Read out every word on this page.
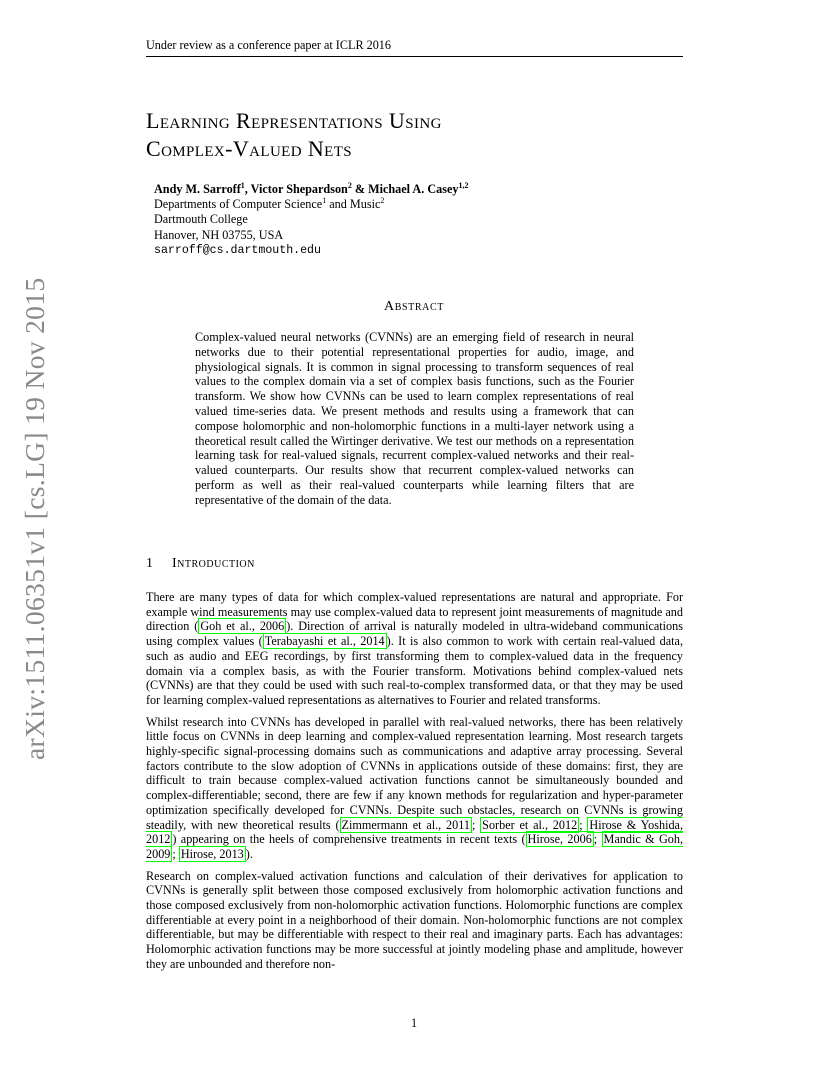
Under review as a conference paper at ICLR 2016
arXiv:1511.06351v1 [cs.LG] 19 Nov 2015
Learning Representations Using
Complex-Valued Nets
Andy M. Sarroff$^1$, Victor Shepardson$^2$ & Michael A. Casey$^{1,2}$
Departments of Computer Science$^1$ and Music$^2$
Dartmouth College
Hanover, NH 03755, USA
sarroff@cs.dartmouth.edu
Abstract
Complex-valued neural networks (CVNNs) are an emerging field of research in neural networks due to their potential representational properties for audio, image, and physiological signals. It is common in signal processing to transform sequences of real values to the complex domain via a set of complex basis functions, such as the Fourier transform. We show how CVNNs can be used to learn complex representations of real valued time-series data. We present methods and results using a framework that can compose holomorphic and non-holomorphic functions in a multi-layer network using a theoretical result called the Wirtinger derivative. We test our methods on a representation learning task for real-valued signals, recurrent complex-valued networks and their real-valued counterparts. Our results show that recurrent complex-valued networks can perform as well as their real-valued counterparts while learning filters that are representative of the domain of the data.
1 Introduction

There are many types of data for which complex-valued representations are natural and appropriate. For example wind measurements may use complex-valued data to represent joint measurements of magnitude and direction ( Goh et al., 2006 ). Direction of arrival is naturally modeled in ultra-wideband communications using complex values ( Terabayashi et al., 2014 ). It is also common to work with certain real-valued data, such as audio and EEG recordings, by first transforming them to complex-valued data in the frequency domain via a complex basis, as with the Fourier transform. Motivations behind complex-valued nets (CVNNs) are that they could be used with such real-to-complex transformed data, or that they may be used for learning complex-valued representations as alternatives to Fourier and related transforms.

Whilst research into CVNNs has developed in parallel with real-valued networks, there has been relatively little focus on CVNNs in deep learning and complex-valued representation learning. Most research targets highly-specific signal-processing domains such as communications and adaptive array processing. Several factors contribute to the slow adoption of CVNNs in applications outside of these domains: first, they are difficult to train because complex-valued activation functions cannot be simultaneously bounded and complex-differentiable; second, there are few if any known methods for regularization and hyper-parameter optimization specifically developed for CVNNs. Despite such obstacles, research on CVNNs is growing steadily, with new theoretical results ( Zimmermann et al., 2011 ; Sorber et al., 2012 ; Hirose & Yoshida, 2012 ) appearing on the heels of comprehensive treatments in recent texts ( Hirose, 2006 ; Mandic & Goh, 2009 ; Hirose, 2013 ).

Research on complex-valued activation functions and calculation of their derivatives for application to CVNNs is generally split between those composed exclusively from holomorphic activation functions and those composed exclusively from non-holomorphic activation functions. Holomorphic functions are complex differentiable at every point in a neighborhood of their domain. Non-holomorphic functions are not complex differentiable, but may be differentiable with respect to their real and imaginary parts. Each has advantages: Holomorphic activation functions may be more successful at jointly modeling phase and amplitude, however they are unbounded and therefore non-

1
